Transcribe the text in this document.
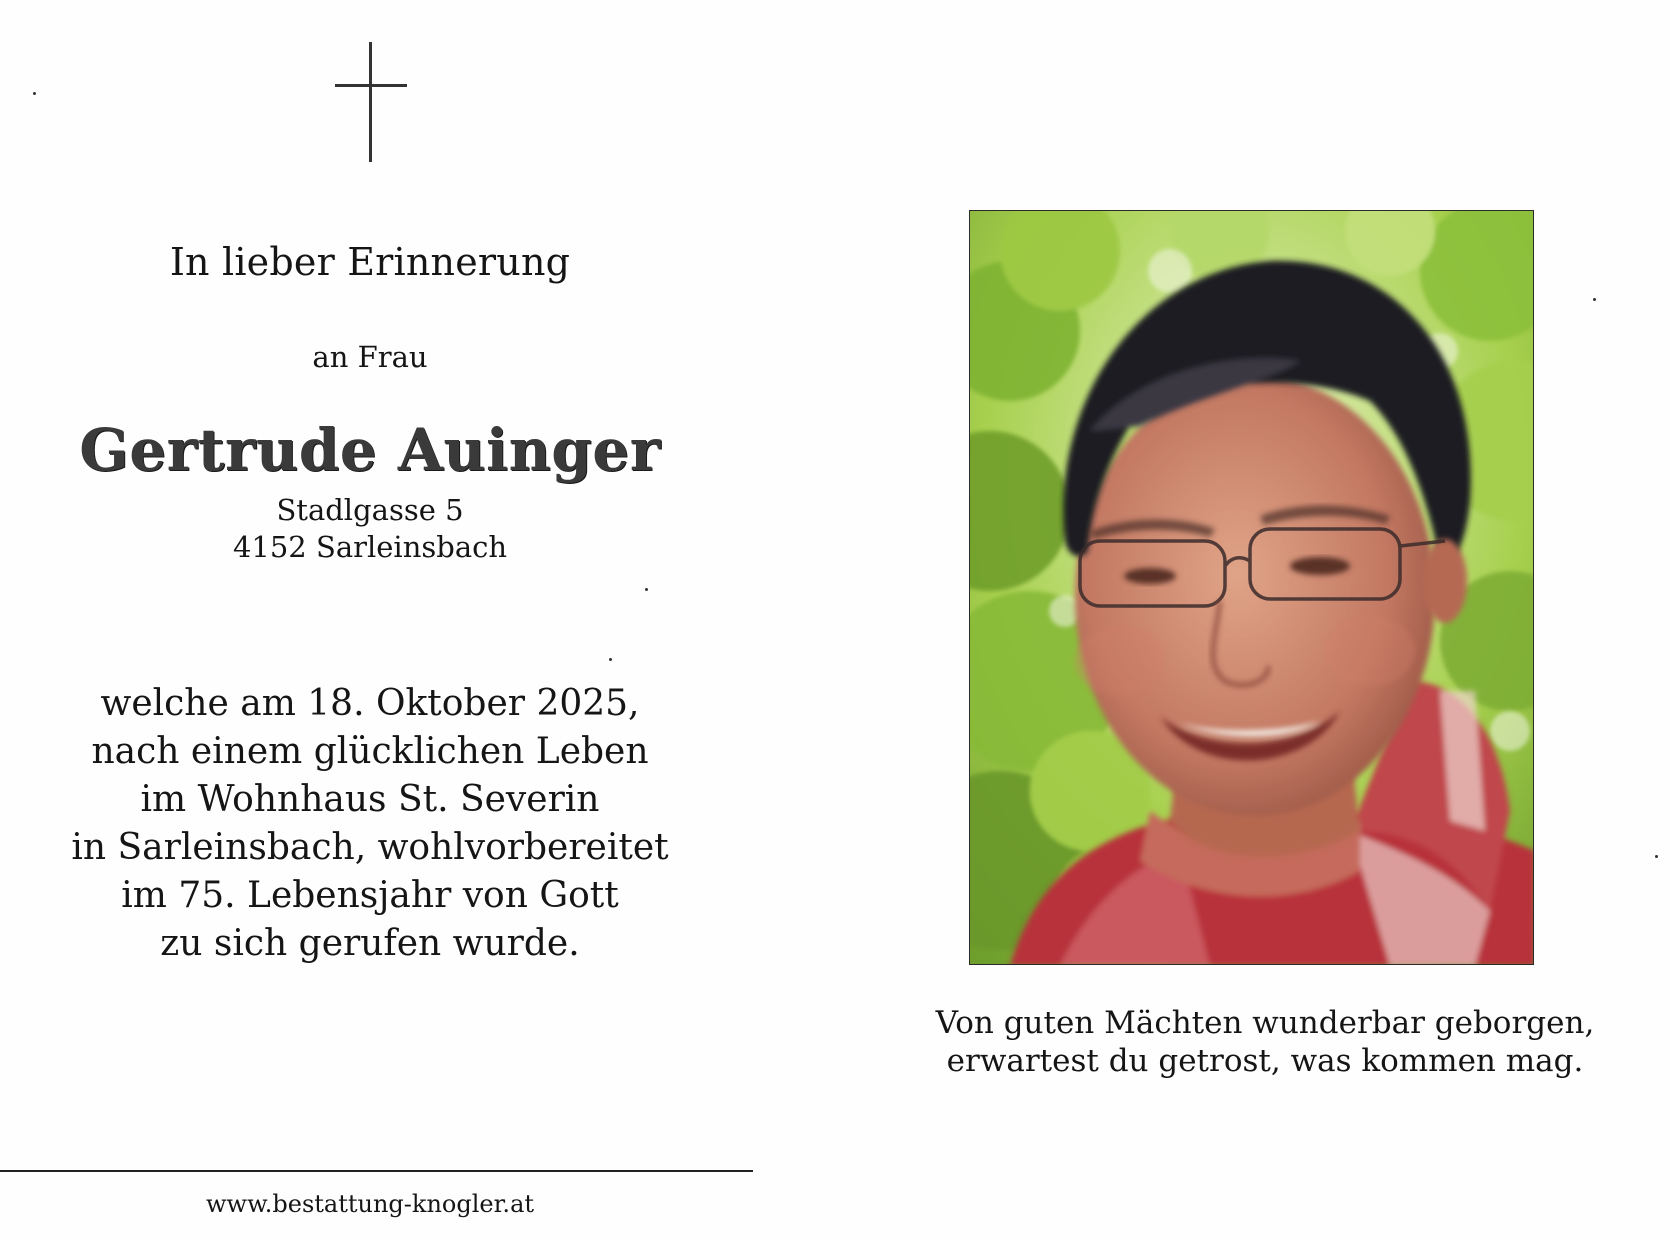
In lieber Erinnerung
an Frau
Gertrude Auinger
Stadlgasse 5
4152 Sarleinsbach
welche am 18. Oktober 2025,
nach einem glücklichen Leben
im Wohnhaus St. Severin
in Sarleinsbach, wohlvorbereitet
im 75. Lebensjahr von Gott
zu sich gerufen wurde.
www.bestattung-knogler.at
Von guten Mächten wunderbar geborgen,
erwartest du getrost, was kommen mag.
